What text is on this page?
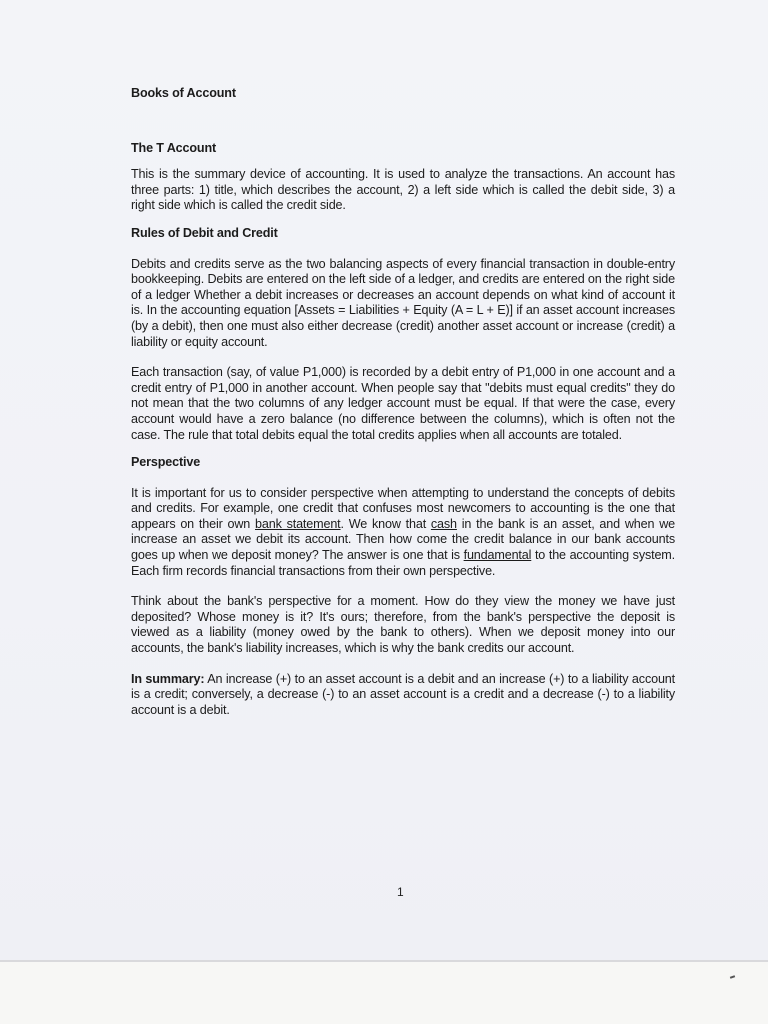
Books of Account

The T Account

This is the summary device of accounting. It is used to analyze the transactions. An account has three parts: 1) title, which describes the account, 2) a left side which is called the debit side, 3) a right side which is called the credit side.

Rules of Debit and Credit

Debits and credits serve as the two balancing aspects of every financial transaction in double-entry bookkeeping. Debits are entered on the left side of a ledger, and credits are entered on the right side of a ledger Whether a debit increases or decreases an account depends on what kind of account it is. In the accounting equation [Assets = Liabilities + Equity (A = L + E)] if an asset account increases (by a debit), then one must also either decrease (credit) another asset account or increase (credit) a liability or equity account.

Each transaction (say, of value P1,000) is recorded by a debit entry of P1,000 in one account and a credit entry of P1,000 in another account. When people say that "debits must equal credits" they do not mean that the two columns of any ledger account must be equal. If that were the case, every account would have a zero balance (no difference between the columns), which is often not the case. The rule that total debits equal the total credits applies when all accounts are totaled.

Perspective

It is important for us to consider perspective when attempting to understand the concepts of debits and credits. For example, one credit that confuses most newcomers to accounting is the one that appears on their own bank statement. We know that cash in the bank is an asset, and when we increase an asset we debit its account. Then how come the credit balance in our bank accounts goes up when we deposit money? The answer is one that is fundamental to the accounting system. Each firm records financial transactions from their own perspective.

Think about the bank's perspective for a moment. How do they view the money we have just deposited? Whose money is it? It's ours; therefore, from the bank's perspective the deposit is viewed as a liability (money owed by the bank to others). When we deposit money into our accounts, the bank's liability increases, which is why the bank credits our account.

In summary: An increase (+) to an asset account is a debit and an increase (+) to a liability account is a credit; conversely, a decrease (-) to an asset account is a credit and a decrease (-) to a liability account is a debit.

1
